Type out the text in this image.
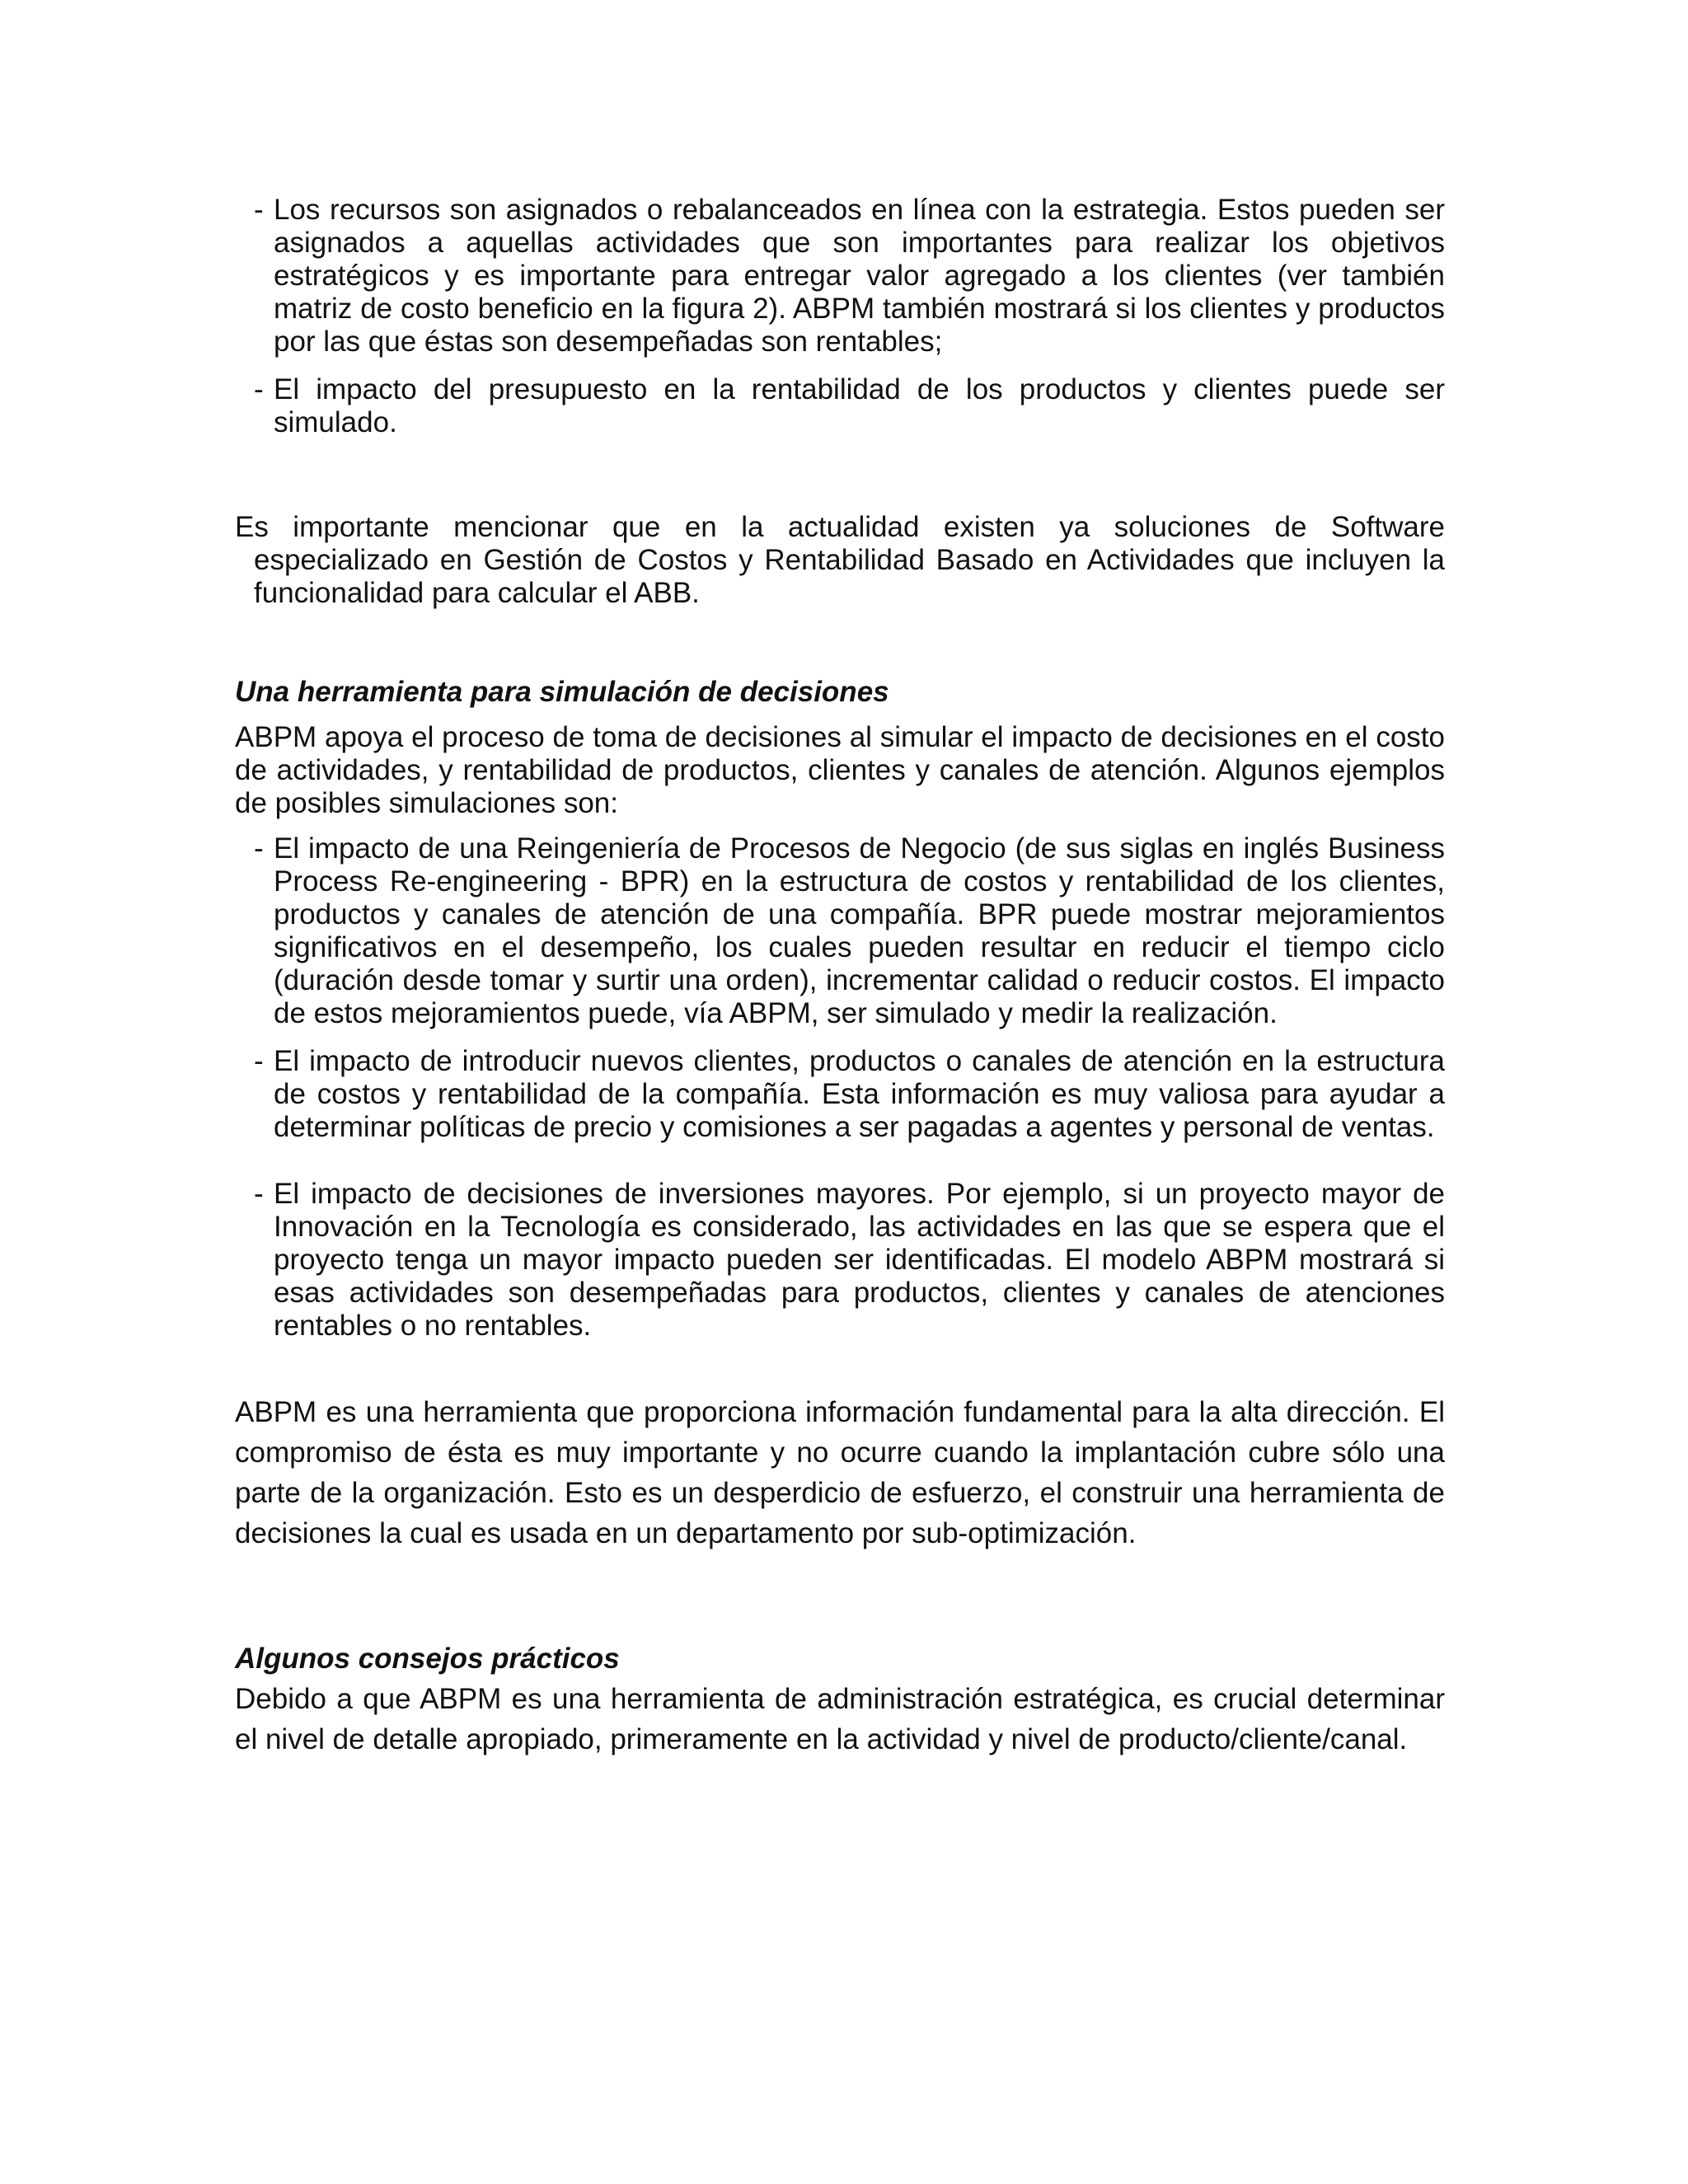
- Los recursos son asignados o rebalanceados en línea con la estrategia. Estos pueden ser asignados a aquellas actividades que son importantes para realizar los objetivos estratégicos y es importante para entregar valor agregado a los clientes (ver también matriz de costo beneficio en la figura 2). ABPM también mostrará si los clientes y productos por las que éstas son desempeñadas son rentables;
- El impacto del presupuesto en la rentabilidad de los productos y clientes puede ser simulado.

Es importante mencionar que en la actualidad existen ya soluciones de Software especializado en Gestión de Costos y Rentabilidad Basado en Actividades que incluyen la funcionalidad para calcular el ABB.

Una herramienta para simulación de decisiones

ABPM apoya el proceso de toma de decisiones al simular el impacto de decisiones en el costo de actividades, y rentabilidad de productos, clientes y canales de atención. Algunos ejemplos de posibles simulaciones son:

- El impacto de una Reingeniería de Procesos de Negocio (de sus siglas en inglés Business Process Re-engineering - BPR) en la estructura de costos y rentabilidad de los clientes, productos y canales de atención de una compañía. BPR puede mostrar mejoramientos significativos en el desempeño, los cuales pueden resultar en reducir el tiempo ciclo (duración desde tomar y surtir una orden), incrementar calidad o reducir costos. El impacto de estos mejoramientos puede, vía ABPM, ser simulado y medir la realización.
- El impacto de introducir nuevos clientes, productos o canales de atención en la estructura de costos y rentabilidad de la compañía. Esta información es muy valiosa para ayudar a determinar políticas de precio y comisiones a ser pagadas a agentes y personal de ventas.
- El impacto de decisiones de inversiones mayores. Por ejemplo, si un proyecto mayor de Innovación en la Tecnología es considerado, las actividades en las que se espera que el proyecto tenga un mayor impacto pueden ser identificadas. El modelo ABPM mostrará si esas actividades son desempeñadas para productos, clientes y canales de atenciones rentables o no rentables.

ABPM es una herramienta que proporciona información fundamental para la alta dirección. El compromiso de ésta es muy importante y no ocurre cuando la implantación cubre sólo una parte de la organización. Esto es un desperdicio de esfuerzo, el construir una herramienta de decisiones la cual es usada en un departamento por sub-optimización.

Algunos consejos prácticos

Debido a que ABPM es una herramienta de administración estratégica, es crucial determinar el nivel de detalle apropiado, primeramente en la actividad y nivel de producto/cliente/canal.
